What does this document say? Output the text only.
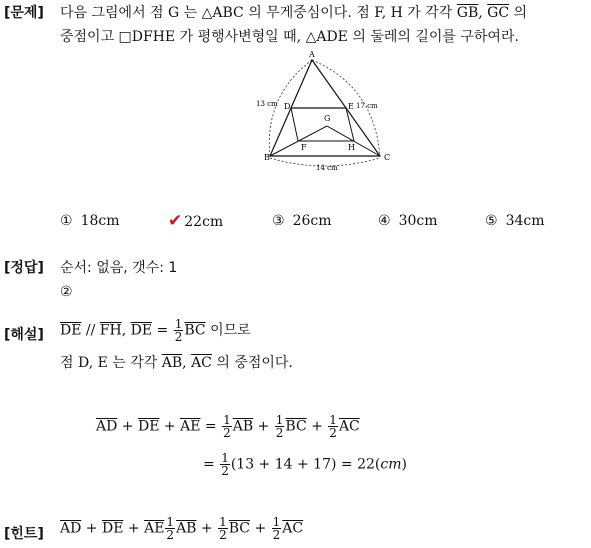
[문제] 다음 그림에서 점 G 는 △ABC 의 무게중심이다. 점 F, H 가 각각 $\overline{GB}$, $\overline{GC}$ 의
중점이고 □DFHE 가 평행사변형일 때, △ADE 의 둘레의 길이를 구하여라.
A
D	E
G
F	H
B	C
13 cm	17 cm
14 cm
① 18cm	✔ 22cm	③ 26cm	④ 30cm	⑤ 34cm
[정답] 순서: 없음, 갯수: 1
②
[해설] $\overline{DE} // \overline{FH}$, $\overline{DE} = \frac{1}{2} \overline{BC}$ 이므로
점 D, E 는 각각 $\overline{AB}$, $\overline{AC}$ 의 중점이다.
$\overline{AD} + \overline{DE} + \overline{AE} = \frac{1}{2} \overline{AB} + \frac{1}{2} \overline{BC} + \frac{1}{2} \overline{AC}$
= $\frac{1}{2} (13 + 14 + 17) = 22(cm)$
[힌트] $\overline{AD} + \overline{DE} + \overline{AE} \frac{1}{2} \overline{AB} + \frac{1}{2} \overline{BC} + \frac{1}{2} \overline{AC}$
